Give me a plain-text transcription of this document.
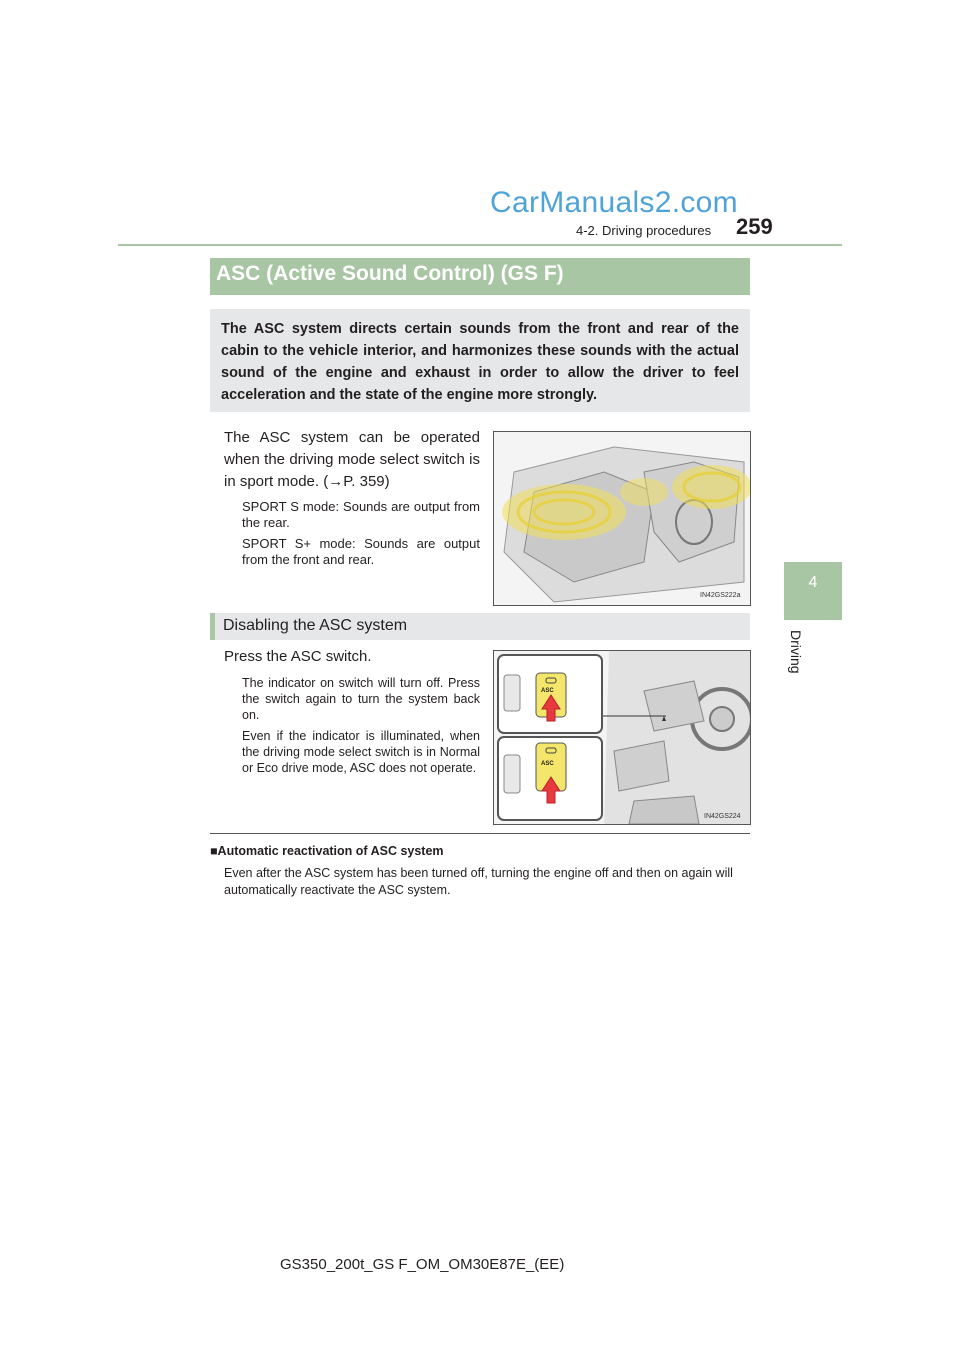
CarManuals2.com
4-2. Driving procedures 259
4
Driving
ASC (Active Sound Control) (GS F)
The ASC system directs certain sounds from the front and rear of the cabin to the vehicle interior, and harmonizes these sounds with the actual sound of the engine and exhaust in order to allow the driver to feel acceleration and the state of the engine more strongly.
The ASC system can be operated when the driving mode select switch is in sport mode. (→P. 359)
SPORT S mode: Sounds are output from the rear.
SPORT S+ mode: Sounds are output from the front and rear.
IN42GS222a
Disabling the ASC system
Press the ASC switch.
The indicator on switch will turn off. Press the switch again to turn the system back on.
Even if the indicator is illuminated, when the driving mode select switch is in Normal or Eco drive mode, ASC does not operate.
ASC
ASC
IN42GS224
■Automatic reactivation of ASC system
Even after the ASC system has been turned off, turning the engine off and then on again will automatically reactivate the ASC system.
GS350_200t_GS F_OM_OM30E87E_(EE)
